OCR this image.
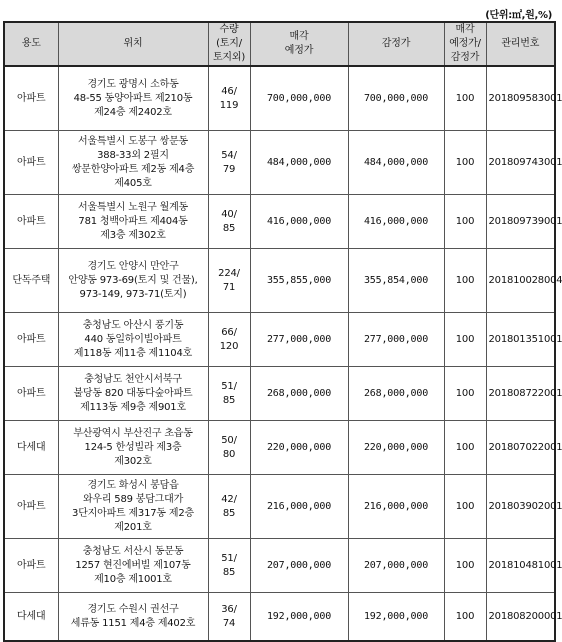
(단위:㎡,원,%)
용도	위치	수량
(토지/
토지외)	매각
예정가	감정가	매각
예정가/
감정가	관리번호
아파트	경기도 광명시 소하동
48-55 동양아파트 제210동
제24층 제2402호	46/
119	700,000,000	700,000,000	100	201809583001
아파트	서울특별시 도봉구 쌍문동
388-33외 2필지
쌍문한양아파트 제2동 제4층
제405호	54/
79	484,000,000	484,000,000	100	201809743001
아파트	서울특별시 노원구 월계동
781 청백아파트 제404동
제3층 제302호	40/
85	416,000,000	416,000,000	100	201809739001
단독주택	경기도 안양시 만안구
안양동 973-69(토지 및 건물),
973-149, 973-71(토지)	224/
71	355,855,000	355,854,000	100	201810028004
아파트	충청남도 아산시 풍기동
440 동일하이빌아파트
제118동 제11층 제1104호	66/
120	277,000,000	277,000,000	100	201801351001
아파트	충청남도 천안시서북구
불당동 820 대동다숲아파트
제113동 제9층 제901호	51/
85	268,000,000	268,000,000	100	201808722001
다세대	부산광역시 부산진구 초읍동
124-5 한성빌라 제3층
제302호	50/
80	220,000,000	220,000,000	100	201807022001
아파트	경기도 화성시 봉담읍
와우리 589 봉담그대가
3단지아파트 제317동 제2층
제201호	42/
85	216,000,000	216,000,000	100	201803902001
아파트	충청남도 서산시 동문동
1257 현진에버빌 제107동
제10층 제1001호	51/
85	207,000,000	207,000,000	100	201810481001
다세대	경기도 수원시 권선구
세류동 1151 제4층 제402호	36/
74	192,000,000	192,000,000	100	201808200001
